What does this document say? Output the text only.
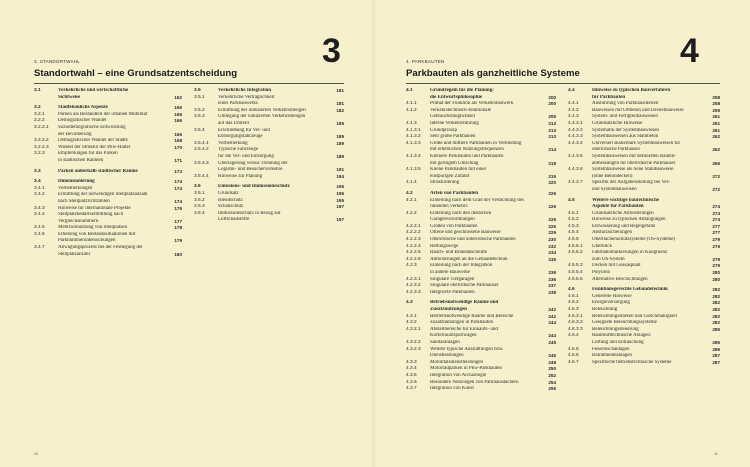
3
3. STANDORTWAHL
Standortwahl – eine Grundsatzentscheidung
3.1	Verkehrliche und wirtschaftliche
Sichtweise	162
3.2	Städtebauliche Aspekte	165
3.2.1	Parken als Bestandteil der urbanen Mobilität	165
3.2.2	Demografischer Wandel	166
3.2.2.1	Soziodemografische Entwicklung
der Bevölkerung	166
3.2.2.2	Demografischer Wandel der Städte	168
3.2.2.3	Wandel der Struktur der Pkw-Halter	170
3.2.3	Empfehlungen für das Parken
in städtischen Räumen	171
3.3	Parken außerhalb städtischer Räume	173
3.4	Dimensionierung	174
3.4.1	Vorbemerkungen	174
3.4.2	Ermittlung der notwendigen Stellplatzanzahl
nach Stellplatzrichtzahlen	174
3.4.3	Hinweise für internationale Projekte	176
3.4.4	Stellplatzbedarfsermittlung nach
Vergleichsnummern	177
3.4.5	Mehrfachnutzung von Stellplätzen	178
3.4.6	Erhebung von Bestandssituationen mit
Parknummeruntersuchungen	179
3.4.7	Abwägungsprozess bei der Festlegung der
Stellplatzanzahl	180
3.5	Verkehrliche Integration	181
3.5.1	Verkehrliche Verträglichkeit
eines Parkbauwerks	181
3.5.2	Ermittlung der induzierten Verkehrsmengen	182
3.5.3	Umlegung der induzierten Verkehrsmengen
auf das Umfeld	185
3.5.4	Erschließung für Ver- und
Entsorgungsfahrzeuge	189
3.5.4.1	Vorbemerkung	189
3.5.4.2	Typische Fahrzeuge
für die Ver- und Entsorgung	189
3.5.4.3	Überlagerung versus Trennung der
Logistik- und Besucherverkehre	191
3.5.4.4	Hinweise zur Planung	194
3.6	Emissions- und Immissionsschutz	195
3.6.1	Grundsatz	195
3.6.2	Blendschutz	195
3.6.3	Schallschutz	197
3.6.4	Immissionsschutz in Bezug auf
Luftschadstoffe	197
10
4
4. PARKBAUTEN
Parkbauten als ganzheitliche Systeme
4.1	Grundregeln für die Planung:
die Entwurfsphilosophie	200
4.1.1	Primat der Funktion als Verkehrsbauwerk	200
4.1.2	Verkehrstechnisch-funktionale
Gebrauchstauglichkeit	206
4.1.3	Interne Verkehrsführung	213
4.1.3.1	Grundprinzip	213
4.1.3.2	Sehr große Parkbauten	213
4.1.3.3	Große und mittlere Parkbauten in Verbindung
mit erheblichen Nutzungsfrequenzen	214
4.1.3.4	Kleinere Parkbauten und Parkbauten
mit geringem Umschlag	219
4.1.3.5	Kleine Parkbauten mit einer
einspurigen Zufahrt	219
4.1.4	Strukturierung	220
4.2	Arten von Parkbauten	226
4.2.1	Einteilung nach dem Grad der Verdichtung des
ruhenden Verkehrs	226
4.2.2	Einteilung nach den deutschen
Garagenverordnungen	226
4.2.2.1	Größen von Parkbauten	226
4.2.2.2	Offene und geschlossene Bauweise	229
4.2.2.3	Oberirdische und unterirdische Parkbauten	230
4.2.2.4	Rettungswege	232
4.2.2.5	Rauch- und Brandabschnitte	234
4.2.2.6	Anforderungen an die Gebäudetechnik	235
4.2.3	Einteilung nach der Integration
in andere Bauwerke	236
4.2.3.1	Singuläre Tiefgaragen	236
4.2.3.2	Singuläre oberirdische Parkhäuser	237
4.2.3.3	Integrierte Parkbauten	238
4.3	Betriebsnotwendige Räume und
Zusatznutzungen	242
4.3.1	Betriebsnotwendige Räume und Bereiche	242
4.3.2	Zusatznutzungen in Parkbauten	244
4.3.2.1	Abstellbereiche für Einkaufs- und
Kofferraumsportwagen	244
4.3.2.2	Sanitäranlagen	245
4.3.2.3	Weitere typische Ausstattungen bzw.
Dienstleistungen	246
4.3.3	Mobilitätsdienstleistungen	248
4.3.4	Motorradparken in Pkw-Parkbauten	250
4.3.5	Integration von Archäologie	252
4.3.6	Besondere Nutzungen von Parkhausdächern	254
4.3.7	Integration von Kunst	255
4.4	Hinweise zu typischen Bauverfahren
für Parkbauten	258
4.4.1	Ausführung von Parkhausdecken	258
4.4.2	Bauweisen mit Ortbeton und Deckelbauweise	259
4.4.3	System- und Fertigteilbauweisen	261
4.4.3.1	Grundsätzliche Hinweise	261
4.4.3.2	Systematik der Systembauweisen	261
4.4.3.3	Systembauweisen aus Stahlbeton	262
4.4.3.4	Universell skalierbare Systembauweisen für
oberirdische Parkhäuser	262
4.4.3.5	Systembauweisen mit definierten Bauteil-
abmessungen für oberirdische Parkhäuser	266
4.4.3.6	Systembauweise als reine Stahlbauweise
(ohne Betondecken)	272
4.4.3.7	Spezifik der Aufgabenstellung bei Ver-
und Systembauweisen	272
4.5	Weitere wichtige bautechnische
Aspekte für Parkbauten	274
4.5.1	Grundsätzliche Anforderungen	274
4.5.2	Hinweise zu typischen Abfangungen	274
4.5.3	Entwässerung und Regelgefälle	277
4.5.4	Abstürzsicherungen	277
4.5.5	Oberflächenschutzsysteme (OS-Systeme)	279
4.5.5.1	Überblick	279
4.5.5.2	Fahrbahnmarkierungen in Kongruenz
zum OS-System	279
4.5.5.3	Decken mit Gussasphalt	279
4.5.5.4	Polyurea	280
4.5.5.5	Alternative Beschichtungen	280
4.6	Funktionsgerechte Gebäudetechnik	282
4.6.1	Generelle Hinweise	282
4.6.2	Energieversorgung	282
4.6.3	Beleuchtung	282
4.6.3.1	Beleuchtungsstärken und Gleichmäßigkeit	282
4.6.3.2	Geeignete Beleuchtungssysteme	282
4.6.3.3	Beleuchtungssteuerung	285
4.6.4	Raumlufttechnische Anlagen:
Lüftung und Entrauchung	286
4.6.5	Feuerlöschanlagen	286
4.6.6	Brandmeldeanlagen	287
4.6.7	Spezifische betriebstechnische Systeme	287
11
